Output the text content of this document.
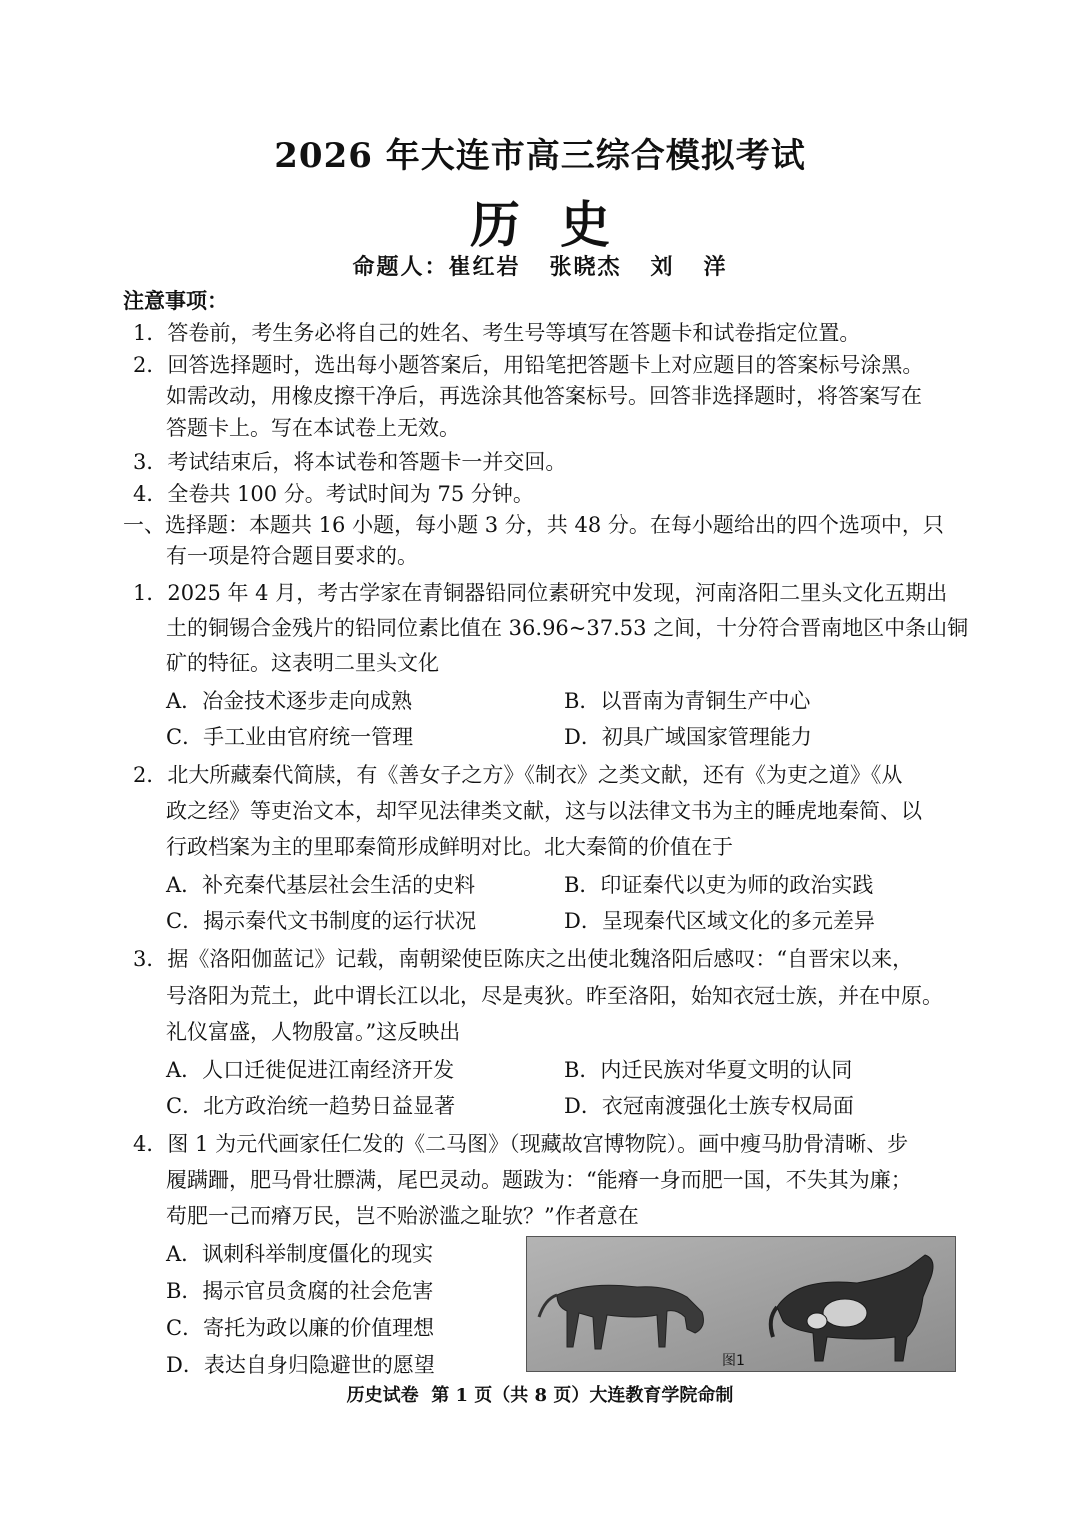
2026 年大连市高三综合模拟考试
历史
命题人：崔红岩   张晓杰   刘   洋
注意事项：
1．答卷前，考生务必将自己的姓名、考生号等填写在答题卡和试卷指定位置。
2．回答选择题时，选出每小题答案后，用铅笔把答题卡上对应题目的答案标号涂黑。
如需改动，用橡皮擦干净后，再选涂其他答案标号。回答非选择题时，将答案写在
答题卡上。写在本试卷上无效。
3．考试结束后，将本试卷和答题卡一并交回。
4．全卷共 100 分。考试时间为 75 分钟。
一、选择题：本题共 16 小题，每小题 3 分，共 48 分。在每小题给出的四个选项中，只
有一项是符合题目要求的。
1．2025 年 4 月，考古学家在青铜器铅同位素研究中发现，河南洛阳二里头文化五期出
土的铜锡合金残片的铅同位素比值在 36.96~37.53 之间，十分符合晋南地区中条山铜
矿的特征。这表明二里头文化
A．冶金技术逐步走向成熟	B．以晋南为青铜生产中心
C．手工业由官府统一管理	D．初具广域国家管理能力
2．北大所藏秦代简牍，有《善女子之方》《制衣》之类文献，还有《为吏之道》《从
政之经》等吏治文本，却罕见法律类文献，这与以法律文书为主的睡虎地秦简、以
行政档案为主的里耶秦简形成鲜明对比。北大秦简的价值在于
A．补充秦代基层社会生活的史料	B．印证秦代以吏为师的政治实践
C．揭示秦代文书制度的运行状况	D．呈现秦代区域文化的多元差异
3．据《洛阳伽蓝记》记载，南朝梁使臣陈庆之出使北魏洛阳后感叹：“自晋宋以来，
号洛阳为荒土，此中谓长江以北，尽是夷狄。昨至洛阳，始知衣冠士族，并在中原。
礼仪富盛，人物殷富。”这反映出
A．人口迁徙促进江南经济开发	B．内迁民族对华夏文明的认同
C．北方政治统一趋势日益显著	D．衣冠南渡强化士族专权局面
4．图 1 为元代画家任仁发的《二马图》（现藏故宫博物院）。画中瘦马肋骨清晰、步
履蹒跚，肥马骨壮膘满，尾巴灵动。题跋为：“能瘠一身而肥一国，不失其为廉；
苟肥一己而瘠万民，岂不贻淤滥之耻欤？”作者意在
A．讽刺科举制度僵化的现实
B．揭示官员贪腐的社会危害
C．寄托为政以廉的价值理想
D．表达自身归隐避世的愿望	图1
历史试卷  第 1 页（共 8 页）大连教育学院命制
